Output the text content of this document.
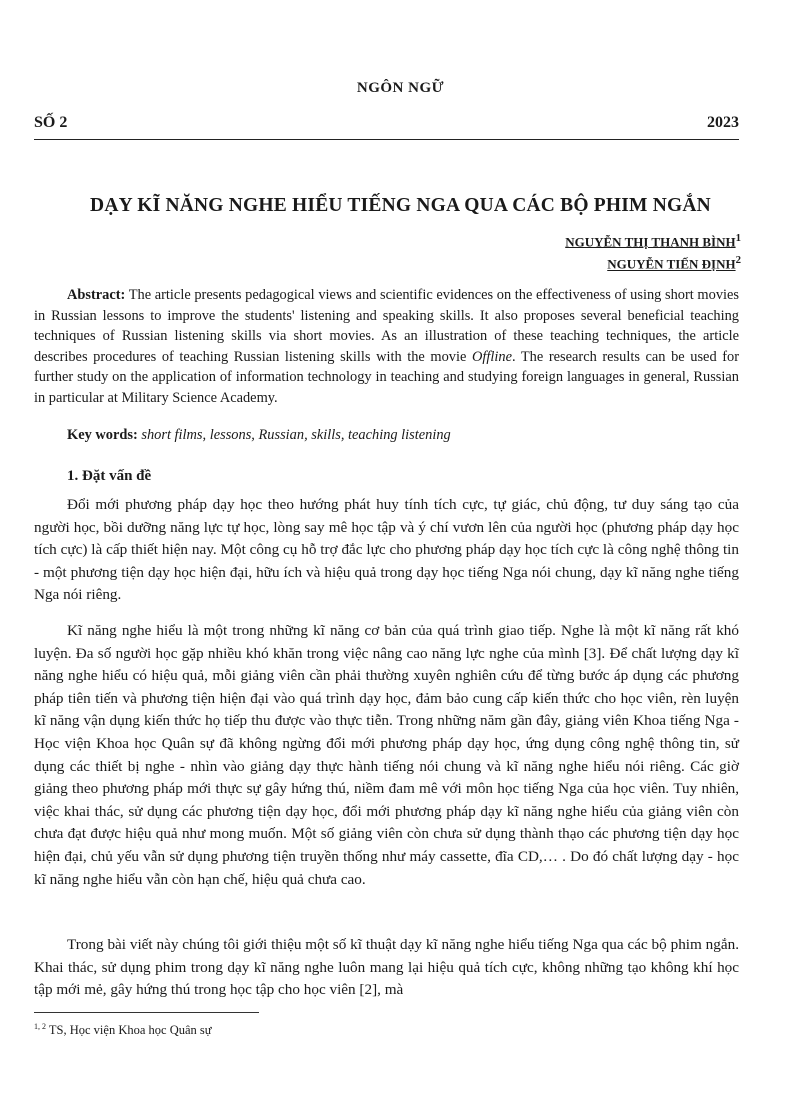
NGÔN NGỮ
SỐ 2	2023
DẠY KĨ NĂNG NGHE HIỂU TIẾNG NGA QUA CÁC BỘ PHIM NGẮN
NGUYỄN THỊ THANH BÌNH$^1$
NGUYỄN TIẾN ĐỊNH$^2$
Abstract: The article presents pedagogical views and scientific evidences on the effectiveness of using short movies in Russian lessons to improve the students' listening and speaking skills. It also proposes several beneficial teaching techniques of Russian listening skills via short movies. As an illustration of these teaching techniques, the article describes procedures of teaching Russian listening skills with the movie Offline. The research results can be used for further study on the application of information technology in teaching and studying foreign languages in general, Russian in particular at Military Science Academy.
Key words: short films, lessons, Russian, skills, teaching listening
1. Đặt vấn đề

Đổi mới phương pháp dạy học theo hướng phát huy tính tích cực, tự giác, chủ động, tư duy sáng tạo của người học, bồi dưỡng năng lực tự học, lòng say mê học tập và ý chí vươn lên của người học (phương pháp dạy học tích cực) là cấp thiết hiện nay. Một công cụ hỗ trợ đắc lực cho phương pháp dạy học tích cực là công nghệ thông tin - một phương tiện dạy học hiện đại, hữu ích và hiệu quả trong dạy học tiếng Nga nói chung, dạy kĩ năng nghe tiếng Nga nói riêng.

Kĩ năng nghe hiểu là một trong những kĩ năng cơ bản của quá trình giao tiếp. Nghe là một kĩ năng rất khó luyện. Đa số người học gặp nhiều khó khăn trong việc nâng cao năng lực nghe của mình [3]. Để chất lượng dạy kĩ năng nghe hiểu có hiệu quả, mỗi giảng viên cần phải thường xuyên nghiên cứu để từng bước áp dụng các phương pháp tiên tiến và phương tiện hiện đại vào quá trình dạy học, đảm bảo cung cấp kiến thức cho học viên, rèn luyện kĩ năng vận dụng kiến thức họ tiếp thu được vào thực tiễn. Trong những năm gần đây, giảng viên Khoa tiếng Nga - Học viện Khoa học Quân sự đã không ngừng đổi mới phương pháp dạy học, ứng dụng công nghệ thông tin, sử dụng các thiết bị nghe - nhìn vào giảng dạy thực hành tiếng nói chung và kĩ năng nghe hiểu nói riêng. Các giờ giảng theo phương pháp mới thực sự gây hứng thú, niềm đam mê với môn học tiếng Nga của học viên. Tuy nhiên, việc khai thác, sử dụng các phương tiện dạy học, đổi mới phương pháp dạy kĩ năng nghe hiểu của giảng viên còn chưa đạt được hiệu quả như mong muốn. Một số giảng viên còn chưa sử dụng thành thạo các phương tiện dạy học hiện đại, chủ yếu vẫn sử dụng phương tiện truyền thống như máy cassette, đĩa CD,… . Do đó chất lượng dạy - học kĩ năng nghe hiểu vẫn còn hạn chế, hiệu quả chưa cao.

Trong bài viết này chúng tôi giới thiệu một số kĩ thuật dạy kĩ năng nghe hiểu tiếng Nga qua các bộ phim ngắn. Khai thác, sử dụng phim trong dạy kĩ năng nghe luôn mang lại hiệu quả tích cực, không những tạo không khí học tập mới mẻ, gây hứng thú trong học tập cho học viên [2], mà

$^{1, 2}$ TS, Học viện Khoa học Quân sự
